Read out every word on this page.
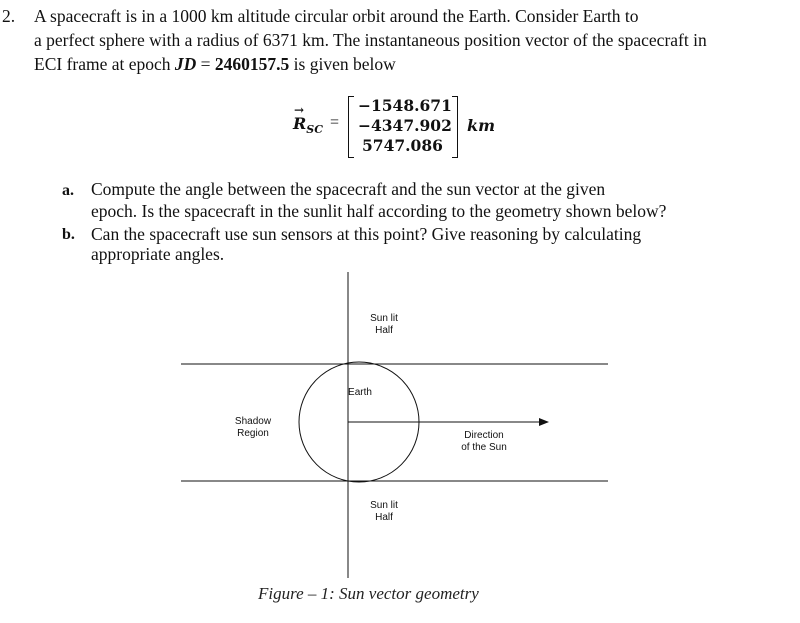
2. A spacecraft is in a 1000 km altitude circular orbit around the Earth. Consider Earth to
a perfect sphere with a radius of 6371 km. The instantaneous position vector of the spacecraft in
ECI frame at epoch JD = 2460157.5 is given below
→
$R_{SC}$ =
−1548.671
−4347.902
5747.086
km
a. Compute the angle between the spacecraft and the sun vector at the given
epoch. Is the spacecraft in the sunlit half according to the geometry shown below?
b. Can the spacecraft use sun sensors at this point? Give reasoning by calculating
appropriate angles.
Sun lit
Half
Earth
Shadow
Region	Direction
of the Sun
Sun lit
Half
Figure – 1: Sun vector geometry
